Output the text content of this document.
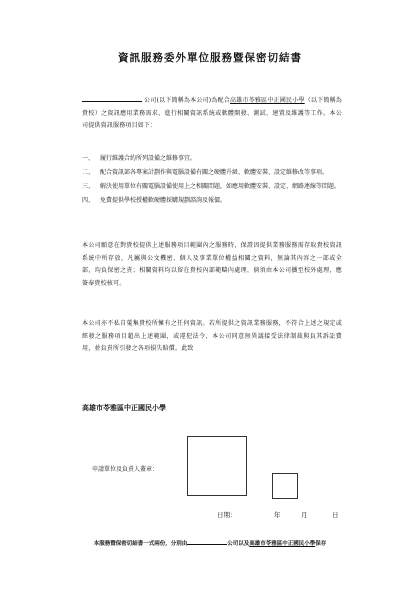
資訊服務委外單位服務暨保密切結書
公司(以下簡稱為本公司)為配合高雄市苓雅區中正國民小學（以下簡稱為貴校）之資訊應用業務需求，進行相關資訊系統或軟體開發、測試、建置及維護等工作。本公司提供資訊服務項目如下：
一、 履行維護合約所列設備之維修事宜。
二、 配合資訊部各專案計劃作與電腦設備有關之硬體升級、軟體安裝、設定維修改等事項。
三、 解決使用單位有關電腦設備使用上之相關問題，如應用軟體安裝、設定、網路連線等問題。
四、 免費提供學校授權軟硬體採購規劃諮詢及報價。
本公司願意在對貴校提供上述服務項目範圍內之服務時，保證因提供業務服務需存取貴校資訊系統中所存放，凡屬與公文機密、個人及事業單位權益相關之資料，無論其內容之一部或全部，均負保密之責；相關資料均以留在貴校內部範疇內處理，倘須由本公司攜至校外處理，應簽奉貴校核可。
本公司亦不私自蒐集貴校所擁有之任何資訊。若所提供之資訊業務服務，不符合上述之規定或經發之服務項目超出上述範圍，或違犯法令，本公司同意無異議接受法律制裁與負其訴訟費用，並負責所引發之各項損失賠償。此致
高雄市苓雅區中正國民小學
申請單位及負責人蓋章：
日期：	年	月	日
本服務暨保密切結書一式兩份，分別由	公司以及高雄市苓雅區中正國民小學保存
